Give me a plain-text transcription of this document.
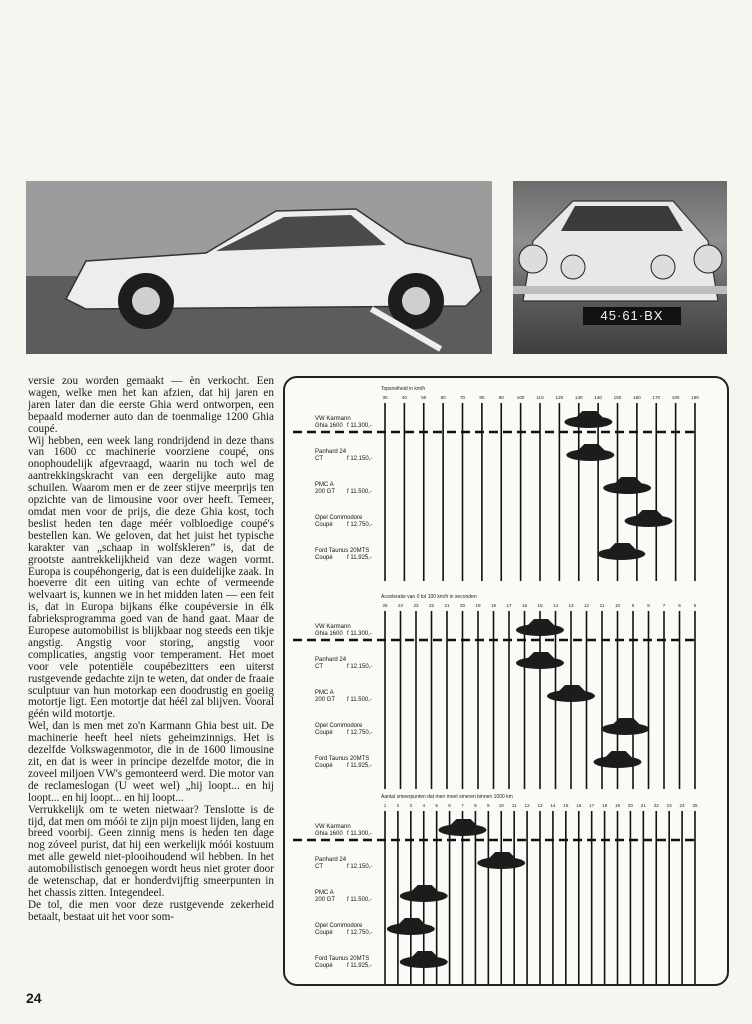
45·61·BX

versie zou worden gemaakt — èn verkocht. Een wagen, welke men het kan afzien, dat hij jaren en jaren later dan die eerste Ghia werd ontworpen, een bepaald moderner auto dan de toenmalige 1200 Ghia coupé.

Wij hebben, een week lang rondrijdend in deze thans van 1600 cc machinerie voorziene coupé, ons onophoudelijk afgevraagd, waarin nu toch wel de aantrekkingskracht van een dergelijke auto mag schuilen. Waarom men er de zeer stijve meerprijs ten opzichte van de limousine voor over heeft. Temeer, omdat men voor de prijs, die deze Ghia kost, toch beslist heden ten dage méér volbloedige coupé's bestellen kan. We geloven, dat het juist het typische karakter van „schaap in wolfskleren” is, dat de grootste aantrekkelijkheid van deze wagen vormt. Europa is coupéhongerig, dat is een duidelijke zaak. In hoeverre dit een uiting van echte of vermeende welvaart is, kunnen we in het midden laten — een feit is, dat in Europa bijkans élke coupéversie in élk fabrieksprogramma goed van de hand gaat. Maar de Europese automobilist is blijkbaar nog steeds een tikje angstig. Angstig voor storing, angstig voor complicaties, angstig voor temperament. Het moet voor vele potentiële coupébezitters een uiterst rustgevende gedachte zijn te weten, dat onder de fraaie sculptuur van hun motorkap een doodrustig en goeiig motortje ligt. Een motortje dat héél zal blijven. Vooral géén wild motortje.

Wel, dan is men met zo'n Karmann Ghia best uit. De machinerie heeft heel niets geheimzinnigs. Het is dezelfde Volkswagenmotor, die in de 1600 limousine zit, en dat is weer in principe dezelfde motor, die in zoveel miljoen VW's gemonteerd werd. Die motor van de reclameslogan (U weet wel) „hij loopt... en hij loopt... en hij loopt... en hij loopt...

Verrukkelijk om te weten nietwaar? Tenslotte is de tijd, dat men om móói te zijn pijn moest lijden, lang en breed voorbij. Geen zinnig mens is heden ten dage nog zóveel purist, dat hij een werkelijk móói kostuum met alle geweld niet-plooihoudend wil hebben. In het automobilistisch genoegen wordt heus niet groter door de wetenschap, dat er honderdvijftig smeerpunten in het chassis zitten. Integendeel.

De tol, die men voor deze rustgevende zekerheid betaalt, bestaat uit het voor som-

24
Topsnelheid in km/h
30	40	50	60	70	80	90	100	110	120	130	140	150	160	170	180	190
VW Karmann
Ghia 1600 f 11.300,-
Panhard 24
CT	f 12.150,-
PMC A
200 GT f 11.500,-
Opel Commodore
Coupé f 12.750,-
Ford Taunus 20MTS
Coupé f 11.925,-
Acceleratie van 0 tot 100 km/h in seconden
25 24 23 22 21 20 19 18 17 16 15 14 13 12 11 10	9	8	7	6	5
VW Karmann
Ghia 1600 f 11.300,-
Panhard 24
CT	f 12.150,-
PMC A
200 GT f 11.500,-
Opel Commodore
Coupé f 12.750,-
Ford Taunus 20MTS
Coupé f 11.925,-
Aantal smeerpunten dat men moet smeren binnen 1000 km
1 2 3 4 5 6 7 8 9 10 11 12 13 14 15 16 17 18 19 20 21 22 23 24 25
VW Karmann
Ghia 1600 f 11.300,-
Panhard 24
CT	f 12.150,-
PMC A
200 GT f 11.500,-
Opel Commodore
Coupé f 12.750,-
Ford Taunus 20MTS
Coupé f 11.925,-
